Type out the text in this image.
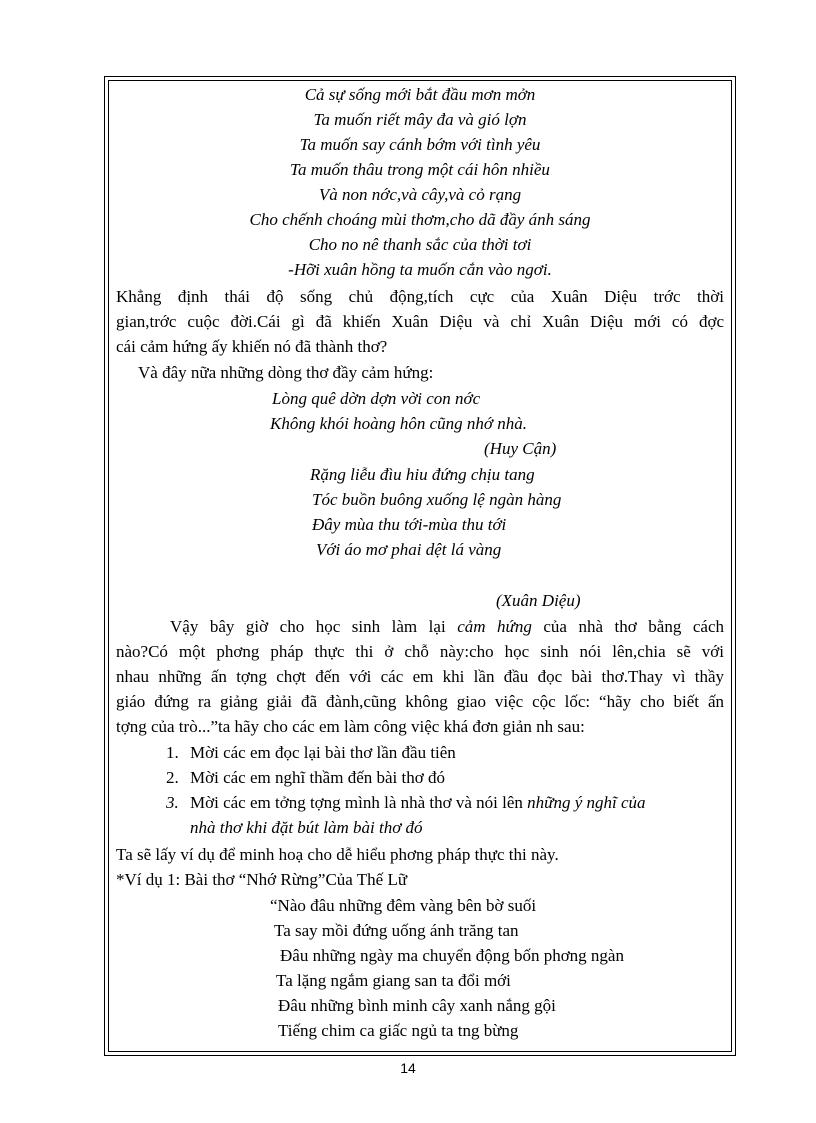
Cả sự sống mới bắt đầu mơn mởn
Ta muốn riết mây đa và gió lợn
Ta muốn say cánh bớm với tình yêu
Ta muốn thâu trong một cái hôn nhiều
Và non nớc,và cây,và cỏ rạng
Cho chếnh choáng mùi thơm,cho dã đầy ánh sáng
Cho no nê thanh sắc của thời tơi
-Hỡi xuân hồng ta muốn cắn vào ngơi.
Khẳng định thái độ sống chủ động,tích cực của Xuân Diệu trớc thời
gian,trớc cuộc đời.Cái gì đã khiến Xuân Diệu và chỉ Xuân Diệu mới có đợc
cái cảm hứng ấy khiến nó đã thành thơ?
Và đây nữa những dòng thơ đầy cảm hứng:
Lòng quê dờn dợn vời con nớc
Không khói hoàng hôn cũng nhớ nhà.
(Huy Cận)
Rặng liễu đìu hiu đứng chịu tang
Tóc buồn buông xuống lệ ngàn hàng
Đây mùa thu tới-mùa thu tới
Với áo mơ phai dệt lá vàng
(Xuân Diệu)
Vậy bây giờ cho học sinh làm lại cảm hứng của nhà thơ bằng cách
nào?Có một phơng pháp thực thi ở chỗ này:cho học sinh nói lên,chia sẽ với
nhau những ấn tợng chợt đến với các em khi lần đầu đọc bài thơ.Thay vì thầy
giáo đứng ra giảng giải đã đành,cũng không giao việc cộc lốc: “hãy cho biết ấn
tợng của trò...”ta hãy cho các em làm công việc khá đơn giản nh sau:
1. Mời các em đọc lại bài thơ lần đầu tiên
2. Mời các em nghĩ thầm đến bài thơ đó
3. Mời các em tởng tợng mình là nhà thơ và nói lên những ý nghĩ của
nhà thơ khi đặt bút làm bài thơ đó
Ta sẽ lấy ví dụ để minh hoạ cho dễ hiểu phơng pháp thực thi này.
*Ví dụ 1: Bài thơ “Nhớ Rừng”Của Thế Lữ
“Nào đâu những đêm vàng bên bờ suối
Ta say mồi đứng uống ánh trăng tan
Đâu những ngày ma chuyển động bốn phơng ngàn
Ta lặng ngắm giang san ta đổi mới
Đâu những bình minh cây xanh nắng gội
Tiếng chim ca giấc ngủ ta tng bừng
14
